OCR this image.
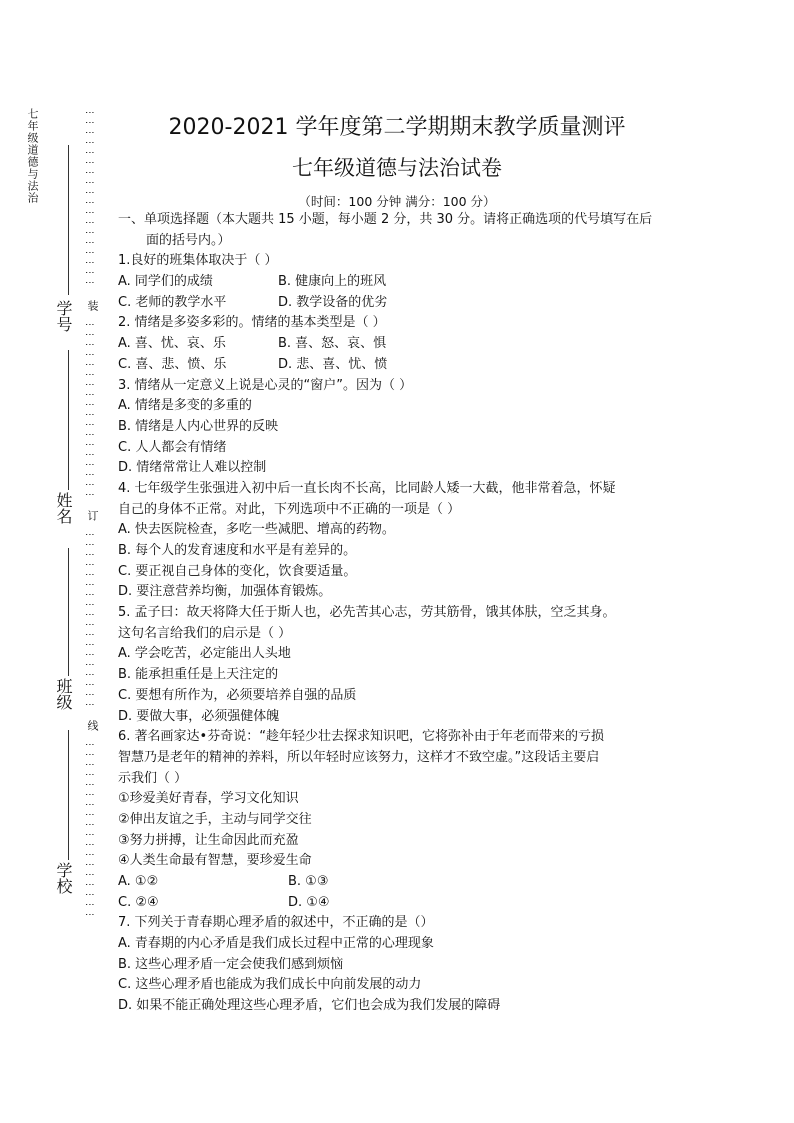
七年级道德与法治
学号
姓名
班级
学校
⋮⋮⋮⋮⋮⋮⋮⋮⋮⋮⋮⋮⋮⋮⋮⋮⋮⋮
装
⋮⋮⋮⋮⋮⋮⋮⋮⋮⋮⋮⋮⋮⋮⋮⋮⋮⋮
订
⋮⋮⋮⋮⋮⋮⋮⋮⋮⋮⋮⋮⋮⋮⋮⋮⋮⋮
线
⋮⋮⋮⋮⋮⋮⋮⋮⋮⋮⋮⋮⋮⋮⋮⋮⋮⋮
2020-2021 学年度第二学期期末教学质量测评
七年级道德与法治试卷
（时间：100 分钟 满分：100 分）
一、单项选择题（本大题共 15 小题，每小题 2 分，共 30 分。请将正确选项的代号填写在后
面的括号内。）
1.良好的班集体取决于（ ）
A. 同学们的成绩	B. 健康向上的班风
C. 老师的教学水平	D. 教学设备的优劣
2. 情绪是多姿多彩的。情绪的基本类型是（ ）
A. 喜、忧、哀、乐	B. 喜、怒、哀、惧
C. 喜、悲、愤、乐	D. 悲、喜、忧、愤
3. 情绪从一定意义上说是心灵的“窗户”。因为（ ）
A. 情绪是多变的多重的
B. 情绪是人内心世界的反映
C. 人人都会有情绪
D. 情绪常常让人难以控制
4. 七年级学生张强进入初中后一直长肉不长高，比同龄人矮一大截，他非常着急，怀疑
自己的身体不正常。对此，下列选项中不正确的一项是（ ）
A. 快去医院检查，多吃一些减肥、增高的药物。
B. 每个人的发育速度和水平是有差异的。
C. 要正视自己身体的变化，饮食要适量。
D. 要注意营养均衡，加强体育锻炼。
5. 孟子曰：故天将降大任于斯人也，必先苦其心志，劳其筋骨，饿其体肤，空乏其身。
这句名言给我们的启示是（ ）
A. 学会吃苦，必定能出人头地
B. 能承担重任是上天注定的
C. 要想有所作为，必须要培养自强的品质
D. 要做大事，必须强健体魄
6. 著名画家达•芬奇说：“趁年轻少壮去探求知识吧，它将弥补由于年老而带来的亏损
智慧乃是老年的精神的养料，所以年轻时应该努力，这样才不致空虚。”这段话主要启
示我们（ ）
①珍爱美好青春，学习文化知识
②伸出友谊之手，主动与同学交往
③努力拼搏，让生命因此而充盈
④人类生命最有智慧，要珍爱生命
A. ①②	B. ①③
C. ②④	D. ①④
7. 下列关于青春期心理矛盾的叙述中，不正确的是（）
A. 青春期的内心矛盾是我们成长过程中正常的心理现象
B. 这些心理矛盾一定会使我们感到烦恼
C. 这些心理矛盾也能成为我们成长中向前发展的动力
D. 如果不能正确处理这些心理矛盾，它们也会成为我们发展的障碍
